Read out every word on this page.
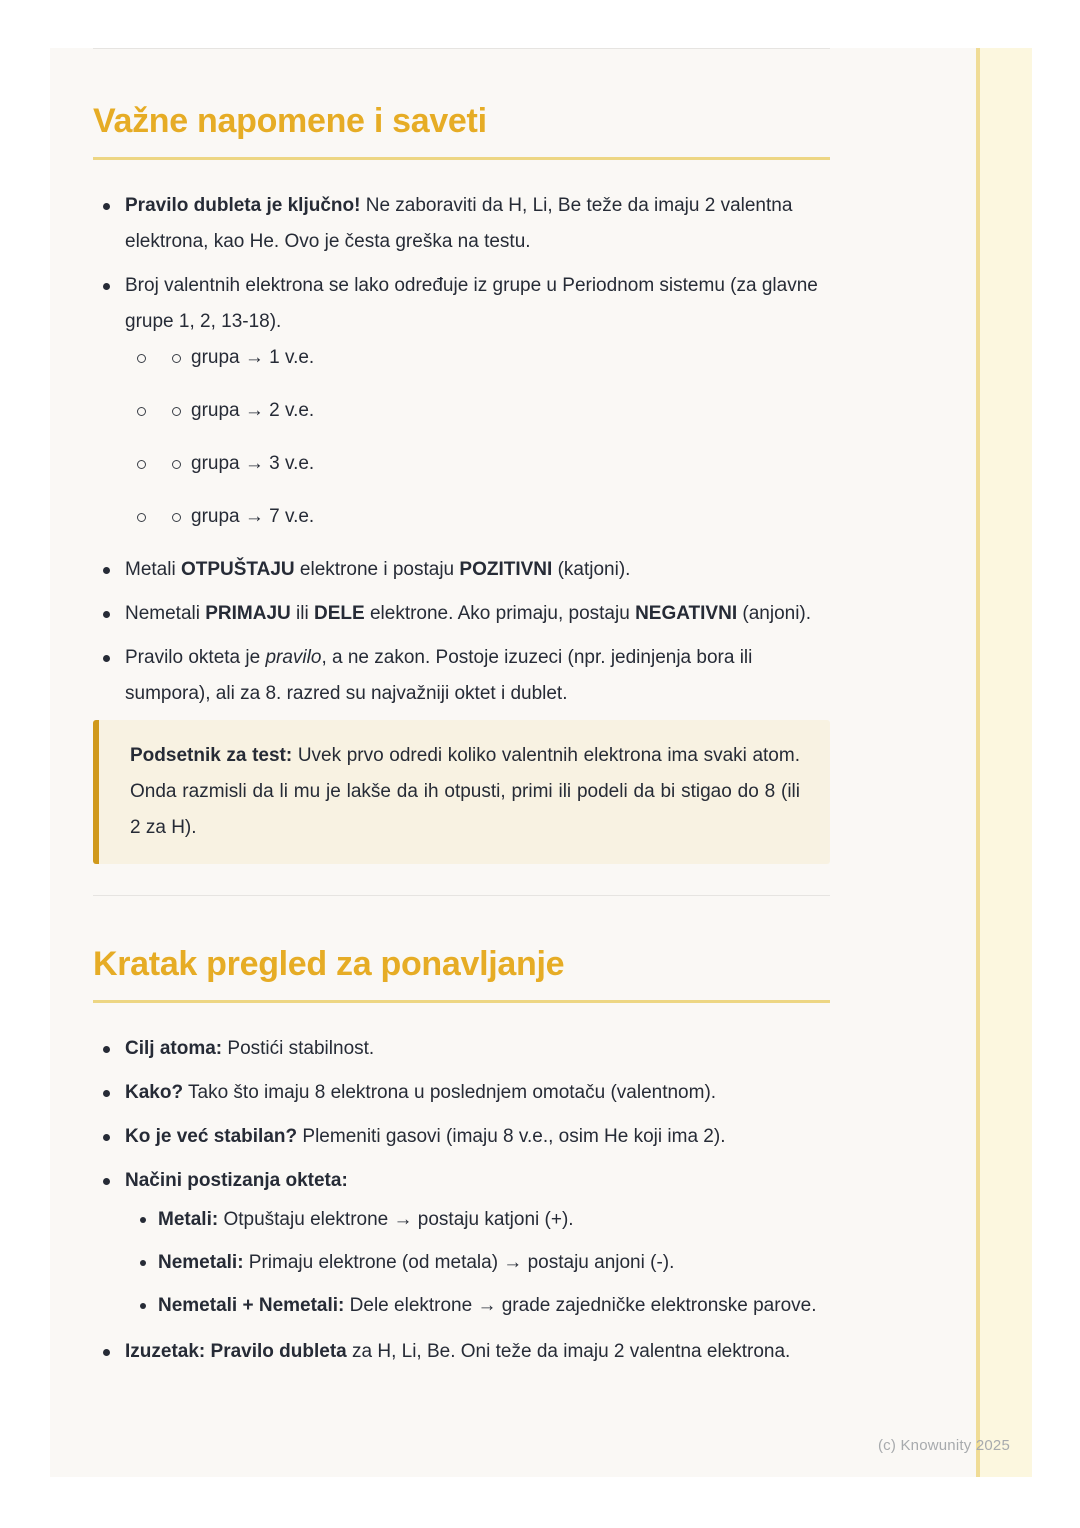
Važne napomene i saveti

Pravilo dubleta je ključno! Ne zaboraviti da H, Li, Be teže da imaju 2 valentna elektrona, kao He. Ovo je česta greška na testu.

Broj valentnih elektrona se lako određuje iz grupe u Periodnom sistemu (za glavne grupe 1, 2, 13-18).

grupa → 1 v.e.

grupa → 2 v.e.

grupa → 3 v.e.

grupa → 7 v.e.

Metali OTPUŠTAJU elektrone i postaju POZITIVNI (katjoni).

Nemetali PRIMAJU ili DELE elektrone. Ako primaju, postaju NEGATIVNI (anjoni).

Pravilo okteta je pravilo, a ne zakon. Postoje izuzeci (npr. jedinjenja bora ili sumpora), ali za 8. razred su najvažniji oktet i dublet.

Podsetnik za test: Uvek prvo odredi koliko valentnih elektrona ima svaki atom. Onda razmisli da li mu je lakše da ih otpusti, primi ili podeli da bi stigao do 8 (ili 2 za H).

Kratak pregled za ponavljanje

Cilj atoma: Postići stabilnost.

Kako? Tako što imaju 8 elektrona u poslednjem omotaču (valentnom).

Ko je već stabilan? Plemeniti gasovi (imaju 8 v.e., osim He koji ima 2).

Načini postizanja okteta:

Metali: Otpuštaju elektrone → postaju katjoni (+).

Nemetali: Primaju elektrone (od metala) → postaju anjoni (-).

Nemetali + Nemetali: Dele elektrone → grade zajedničke elektronske parove.

Izuzetak: Pravilo dubleta za H, Li, Be. Oni teže da imaju 2 valentna elektrona.

(c) Knowunity 2025
